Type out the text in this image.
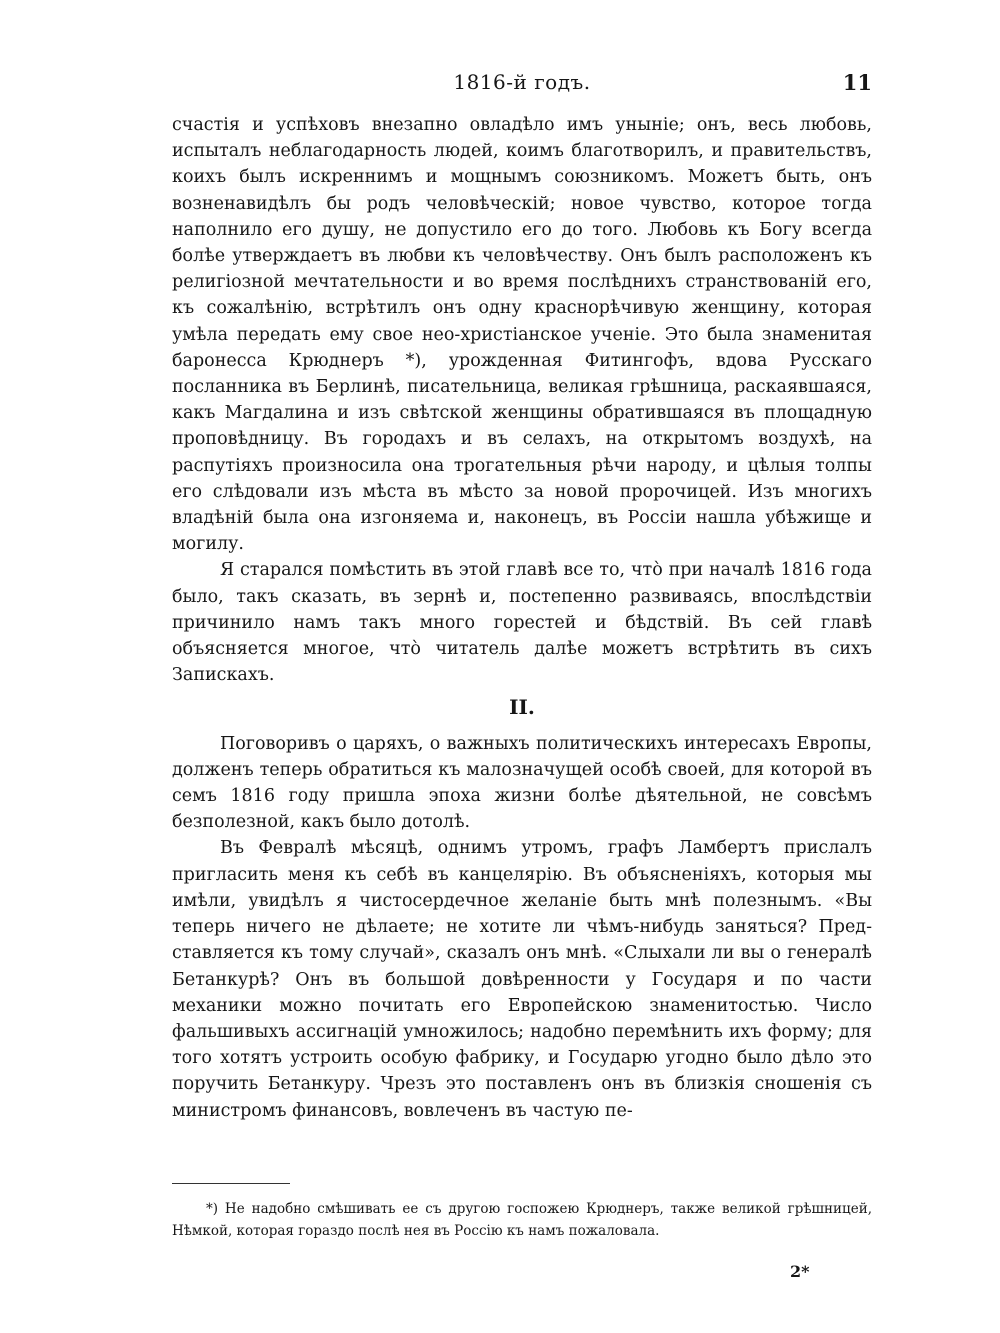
1816-й годъ.	11

счастія и успѣховъ внезапно овладѣло имъ уныніе; онъ, весь любовь, испыталъ неблагодарность людей, коимъ благотворилъ, и правительствъ, коихъ былъ искреннимъ и мощнымъ союзникомъ. Можетъ быть, онъ возненавидѣлъ бы родъ человѣческій; новое чувство, которое тогда наполнило его душу, не допустило его до того. Любовь къ Богу всегда болѣе утверждаетъ въ любви къ человѣчеству. Онъ былъ расположенъ къ религіозной мечтательности и во время послѣднихъ странствованій его, къ сожалѣнію, встрѣтилъ онъ одну краснорѣчивую женщину, которая умѣла передать ему свое нео-христіанское ученіе. Это была знаменитая баронесса Крюднеръ *), урожденная Фитингофъ, вдова Русскаго посланника въ Берлинѣ, писательница, великая грѣшница, раскаявшаяся, какъ Магдалина и изъ свѣтской женщины обратившаяся въ площадную проповѣдницу. Въ городахъ и въ селахъ, на открытомъ воздухѣ, на распутіяхъ произносила она трогательныя рѣчи народу, и цѣлыя толпы его слѣдовали изъ мѣста въ мѣсто за новой пророчицей. Изъ многихъ владѣній была она изгоняема и, наконецъ, въ Россіи нашла убѣжище и могилу.

Я старался помѣстить въ этой главѣ все то, что̀ при началѣ 1816 года было, такъ сказать, въ зернѣ и, постепенно развиваясь, впослѣдствіи причинило намъ такъ много горестей и бѣдствій. Въ сей главѣ объясняется многое, что̀ читатель далѣе можетъ встрѣтить въ сихъ Запискахъ.

II.

Поговоривъ о царяхъ, о важныхъ политическихъ интересахъ Европы, долженъ теперь обратиться къ малозначущей особѣ своей, для которой въ семъ 1816 году пришла эпоха жизни болѣе дѣятельной, не совсѣмъ безполезной, какъ было дотолѣ.

Въ Февралѣ мѣсяцѣ, однимъ утромъ, графъ Ламбертъ прислалъ пригласить меня къ себѣ въ канцелярію. Въ объясненіяхъ, которыя мы имѣли, увидѣлъ я чистосердечное желаніе быть мнѣ полезнымъ. «Вы теперь ничего не дѣлаете; не хотите ли чѣмъ-нибудь заняться? Представляется къ тому случай», сказалъ онъ мнѣ. «Слыхали ли вы о генералѣ Бетанкурѣ? Онъ въ большой довѣренности у Государя и по части механики можно почитать его Европейскою знаменитостью. Число фальшивыхъ ассигнацій умножилось; надобно перемѣнить ихъ форму; для того хотятъ устроить особую фабрику, и Государю угодно было дѣло это поручить Бетанкуру. Чрезъ это поставленъ онъ въ близкія сношенія съ министромъ финансовъ, вовлеченъ въ частую пе-

*) Не надобно смѣшивать ее съ другою госпожею Крюднеръ, также великой грѣшницей, Нѣмкой, которая гораздо послѣ нея въ Россію къ намъ пожаловала.
2*
